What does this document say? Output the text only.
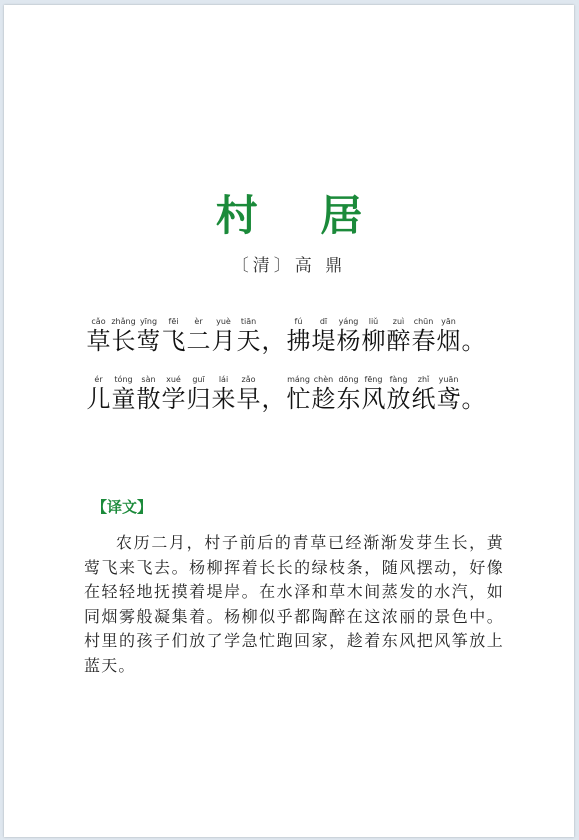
村 居
〔清〕高 鼎
cǎo
草
zhǎng
长
yīng
莺
fēi
飞
èr
二
yuè
月
tiān
天 ，
fú
拂
dī
堤
yáng
杨
liǔ
柳
zuì
醉
chūn
春
yān
烟 。
ér
儿
tóng
童
sàn
散
xué
学
guī
归
lái
来
zǎo
早 ，
máng
忙
chèn
趁
dōng
东
fēng
风
fàng
放
zhǐ
纸
yuān
鸢 。
【译文】
农历二月，村子前后的青草已经渐渐发芽生长，黄莺飞来飞去。杨柳挥着长长的绿枝条，随风摆动，好像在轻轻地抚摸着堤岸。在水泽和草木间蒸发的水汽，如同烟雾般凝集着。杨柳似乎都陶醉在这浓丽的景色中。村里的孩子们放了学急忙跑回家，趁着东风把风筝放上蓝天。
